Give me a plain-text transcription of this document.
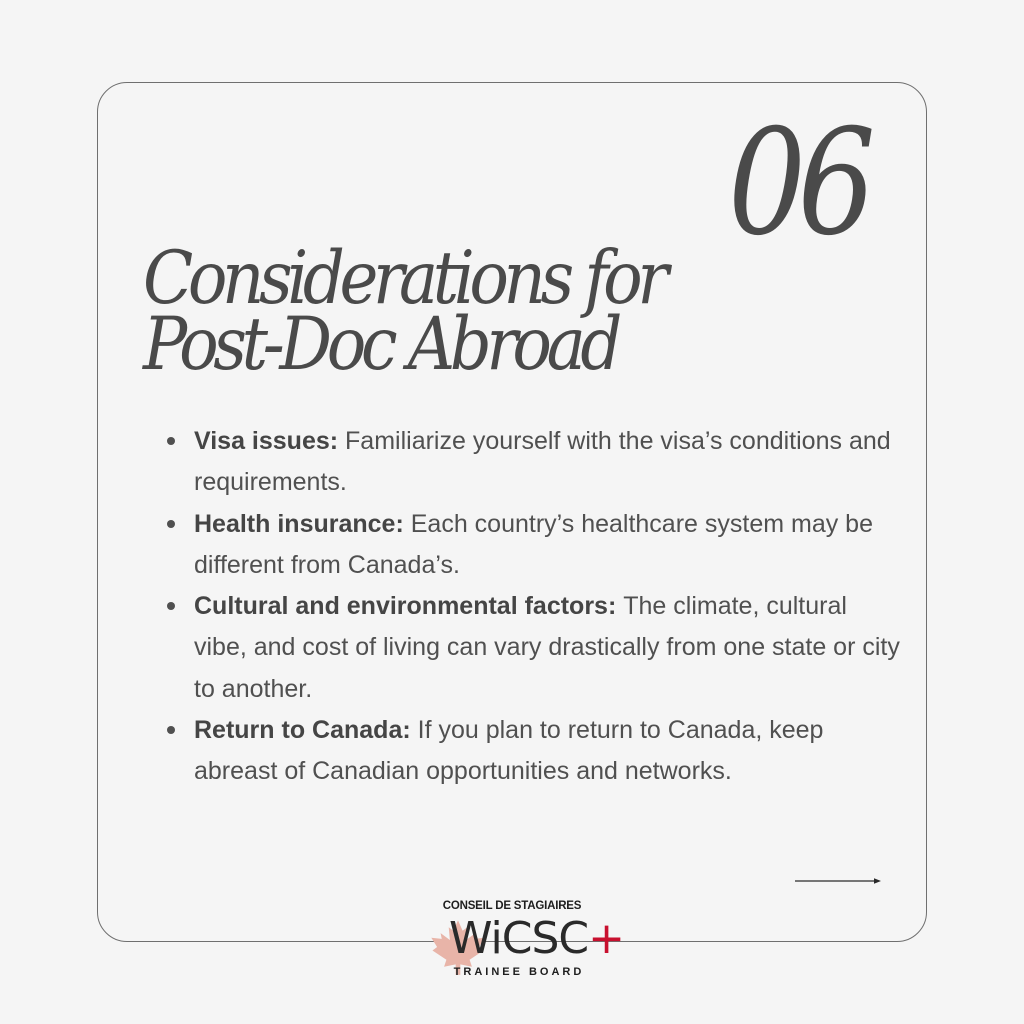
06
Considerations for
Post-Doc Abroad
Visa issues: Familiarize yourself with the visa’s conditions and requirements.
Health insurance: Each country’s healthcare system may be different from Canada’s.
Cultural and environmental factors: The climate, cultural vibe, and cost of living can vary drastically from one state or city to another.
Return to Canada: If you plan to return to Canada, keep abreast of Canadian opportunities and networks.
CONSEIL DE STAGIAIRES
WiCSC+
TRAINEE BOARD
